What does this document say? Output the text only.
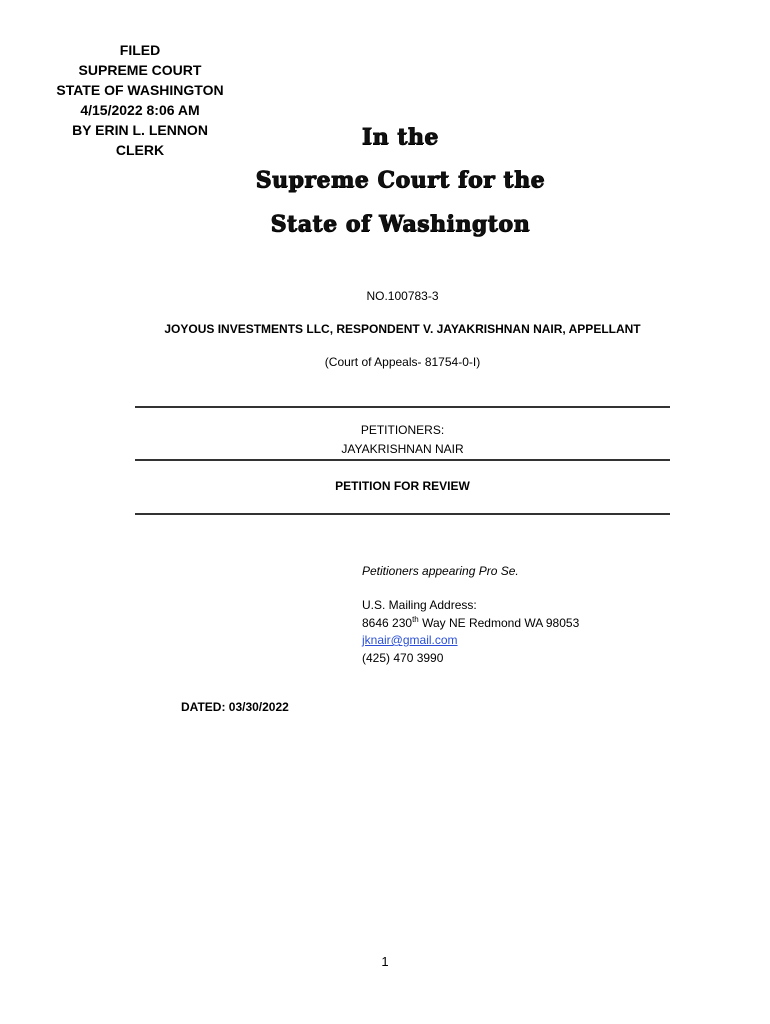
FILED
SUPREME COURT
STATE OF WASHINGTON
4/15/2022 8:06 AM
BY ERIN L. LENNON
CLERK	In the
Supreme Court for the
State of Washington
NO.100783-3
JOYOUS INVESTMENTS LLC, RESPONDENT V. JAYAKRISHNAN NAIR, APPELLANT
(Court of Appeals- 81754-0-I)
PETITIONERS:
JAYAKRISHNAN NAIR
PETITION FOR REVIEW
Petitioners appearing Pro Se.
U.S. Mailing Address:
8646 230th Way NE Redmond WA 98053
jknair@gmail.com
(425) 470 3990
DATED: 03/30/2022
1
